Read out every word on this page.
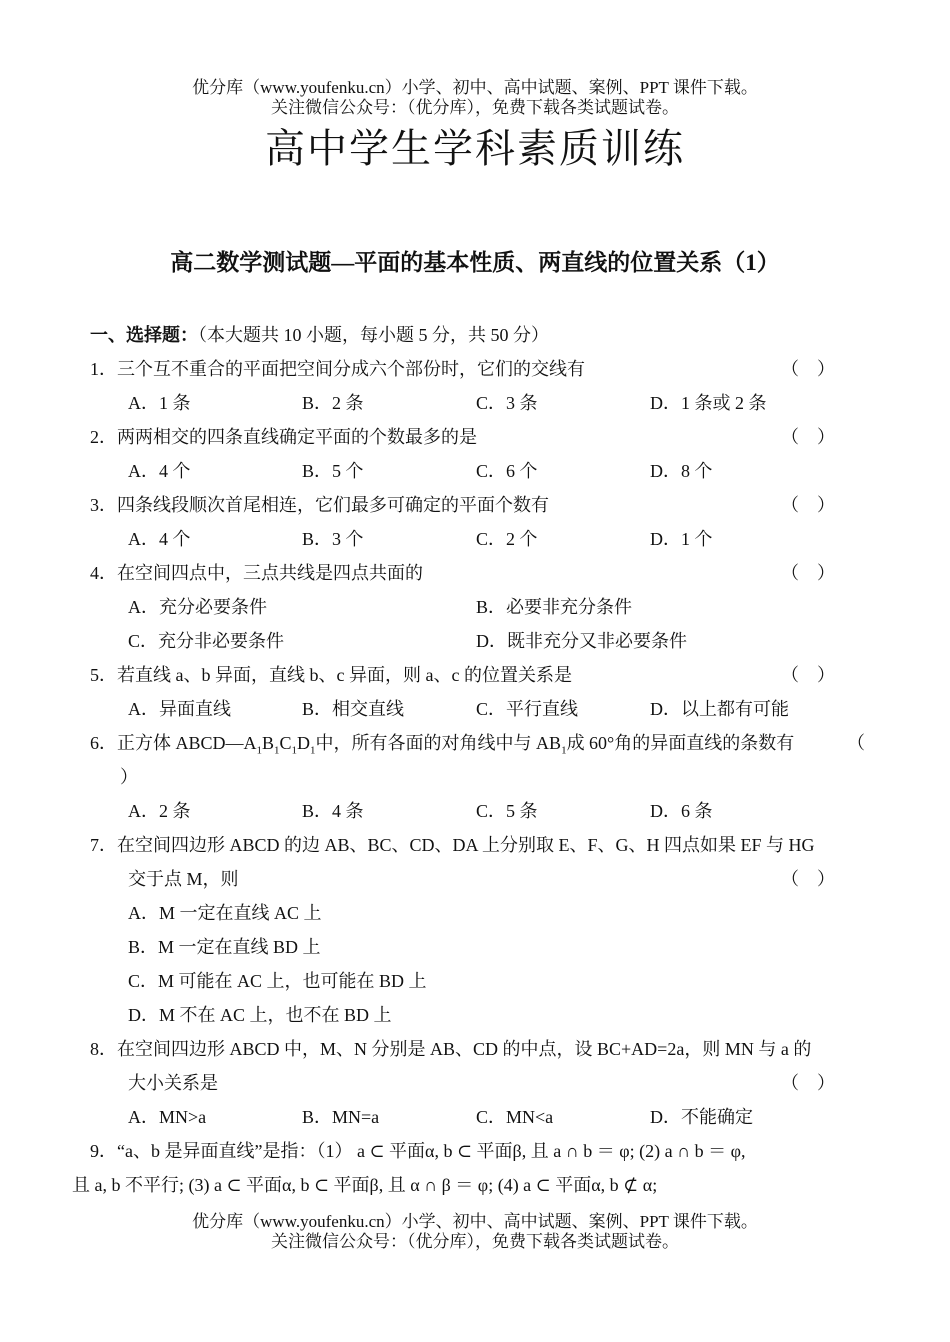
优分库（www.youfenku.cn）小学、初中、高中试题、案例、PPT 课件下载。
关注微信公众号：（优分库），免费下载各类试题试卷。
高中学生学科素质训练
高二数学测试题—平面的基本性质、两直线的位置关系（1）
一、选择题：（本大题共 10 小题，每小题 5 分，共 50 分）
1．三个互不重合的平面把空间分成六个部份时，它们的交线有	（　）
A．1 条	B．2 条	C．3 条	D．1 条或 2 条
2．两两相交的四条直线确定平面的个数最多的是	（　）
A．4 个	B．5 个	C．6 个	D．8 个
3．四条线段顺次首尾相连，它们最多可确定的平面个数有	（　）
A．4 个	B．3 个	C．2 个	D．1 个
4．在空间四点中，三点共线是四点共面的	（　）
A．充分必要条件	B．必要非充分条件
C．充分非必要条件	D．既非充分又非必要条件
5．若直线 a、b 异面，直线 b、c 异面，则 a、c 的位置关系是	（　）
A．异面直线	B．相交直线	C．平行直线	D．以上都有可能
6．正方体 $ABCD—A_1B_1C_1D_1$中，所有各面的对角线中与 $AB_1$成 60°角的异面直线的条数有	（
）
A．2 条	B．4 条	C．5 条	D．6 条
7．在空间四边形 ABCD 的边 AB、BC、CD、DA 上分别取 E、F、G、H 四点如果 EF 与 HG
交于点 M，则	（　）
A．M 一定在直线 AC 上
B．M 一定在直线 BD 上
C．M 可能在 AC 上，也可能在 BD 上
D．M 不在 AC 上，也不在 BD 上
8．在空间四边形 ABCD 中，M、N 分别是 AB、CD 的中点，设 BC+AD=2a，则 MN 与 a 的
大小关系是	（　）
A．MN>a	B．MN=a	C．MN<a	D．不能确定
9．“a、b 是异面直线”是指：（1） a ⊂ 平面α, b ⊂ 平面β, 且 a ∩ b ＝ φ; (2) a ∩ b ＝ φ,
且 a, b 不平行; (3) a ⊂ 平面α, b ⊂ 平面β, 且 α ∩ β ＝ φ; (4) a ⊂ 平面α, b ⊄ α;
优分库（www.youfenku.cn）小学、初中、高中试题、案例、PPT 课件下载。
关注微信公众号：（优分库），免费下载各类试题试卷。
